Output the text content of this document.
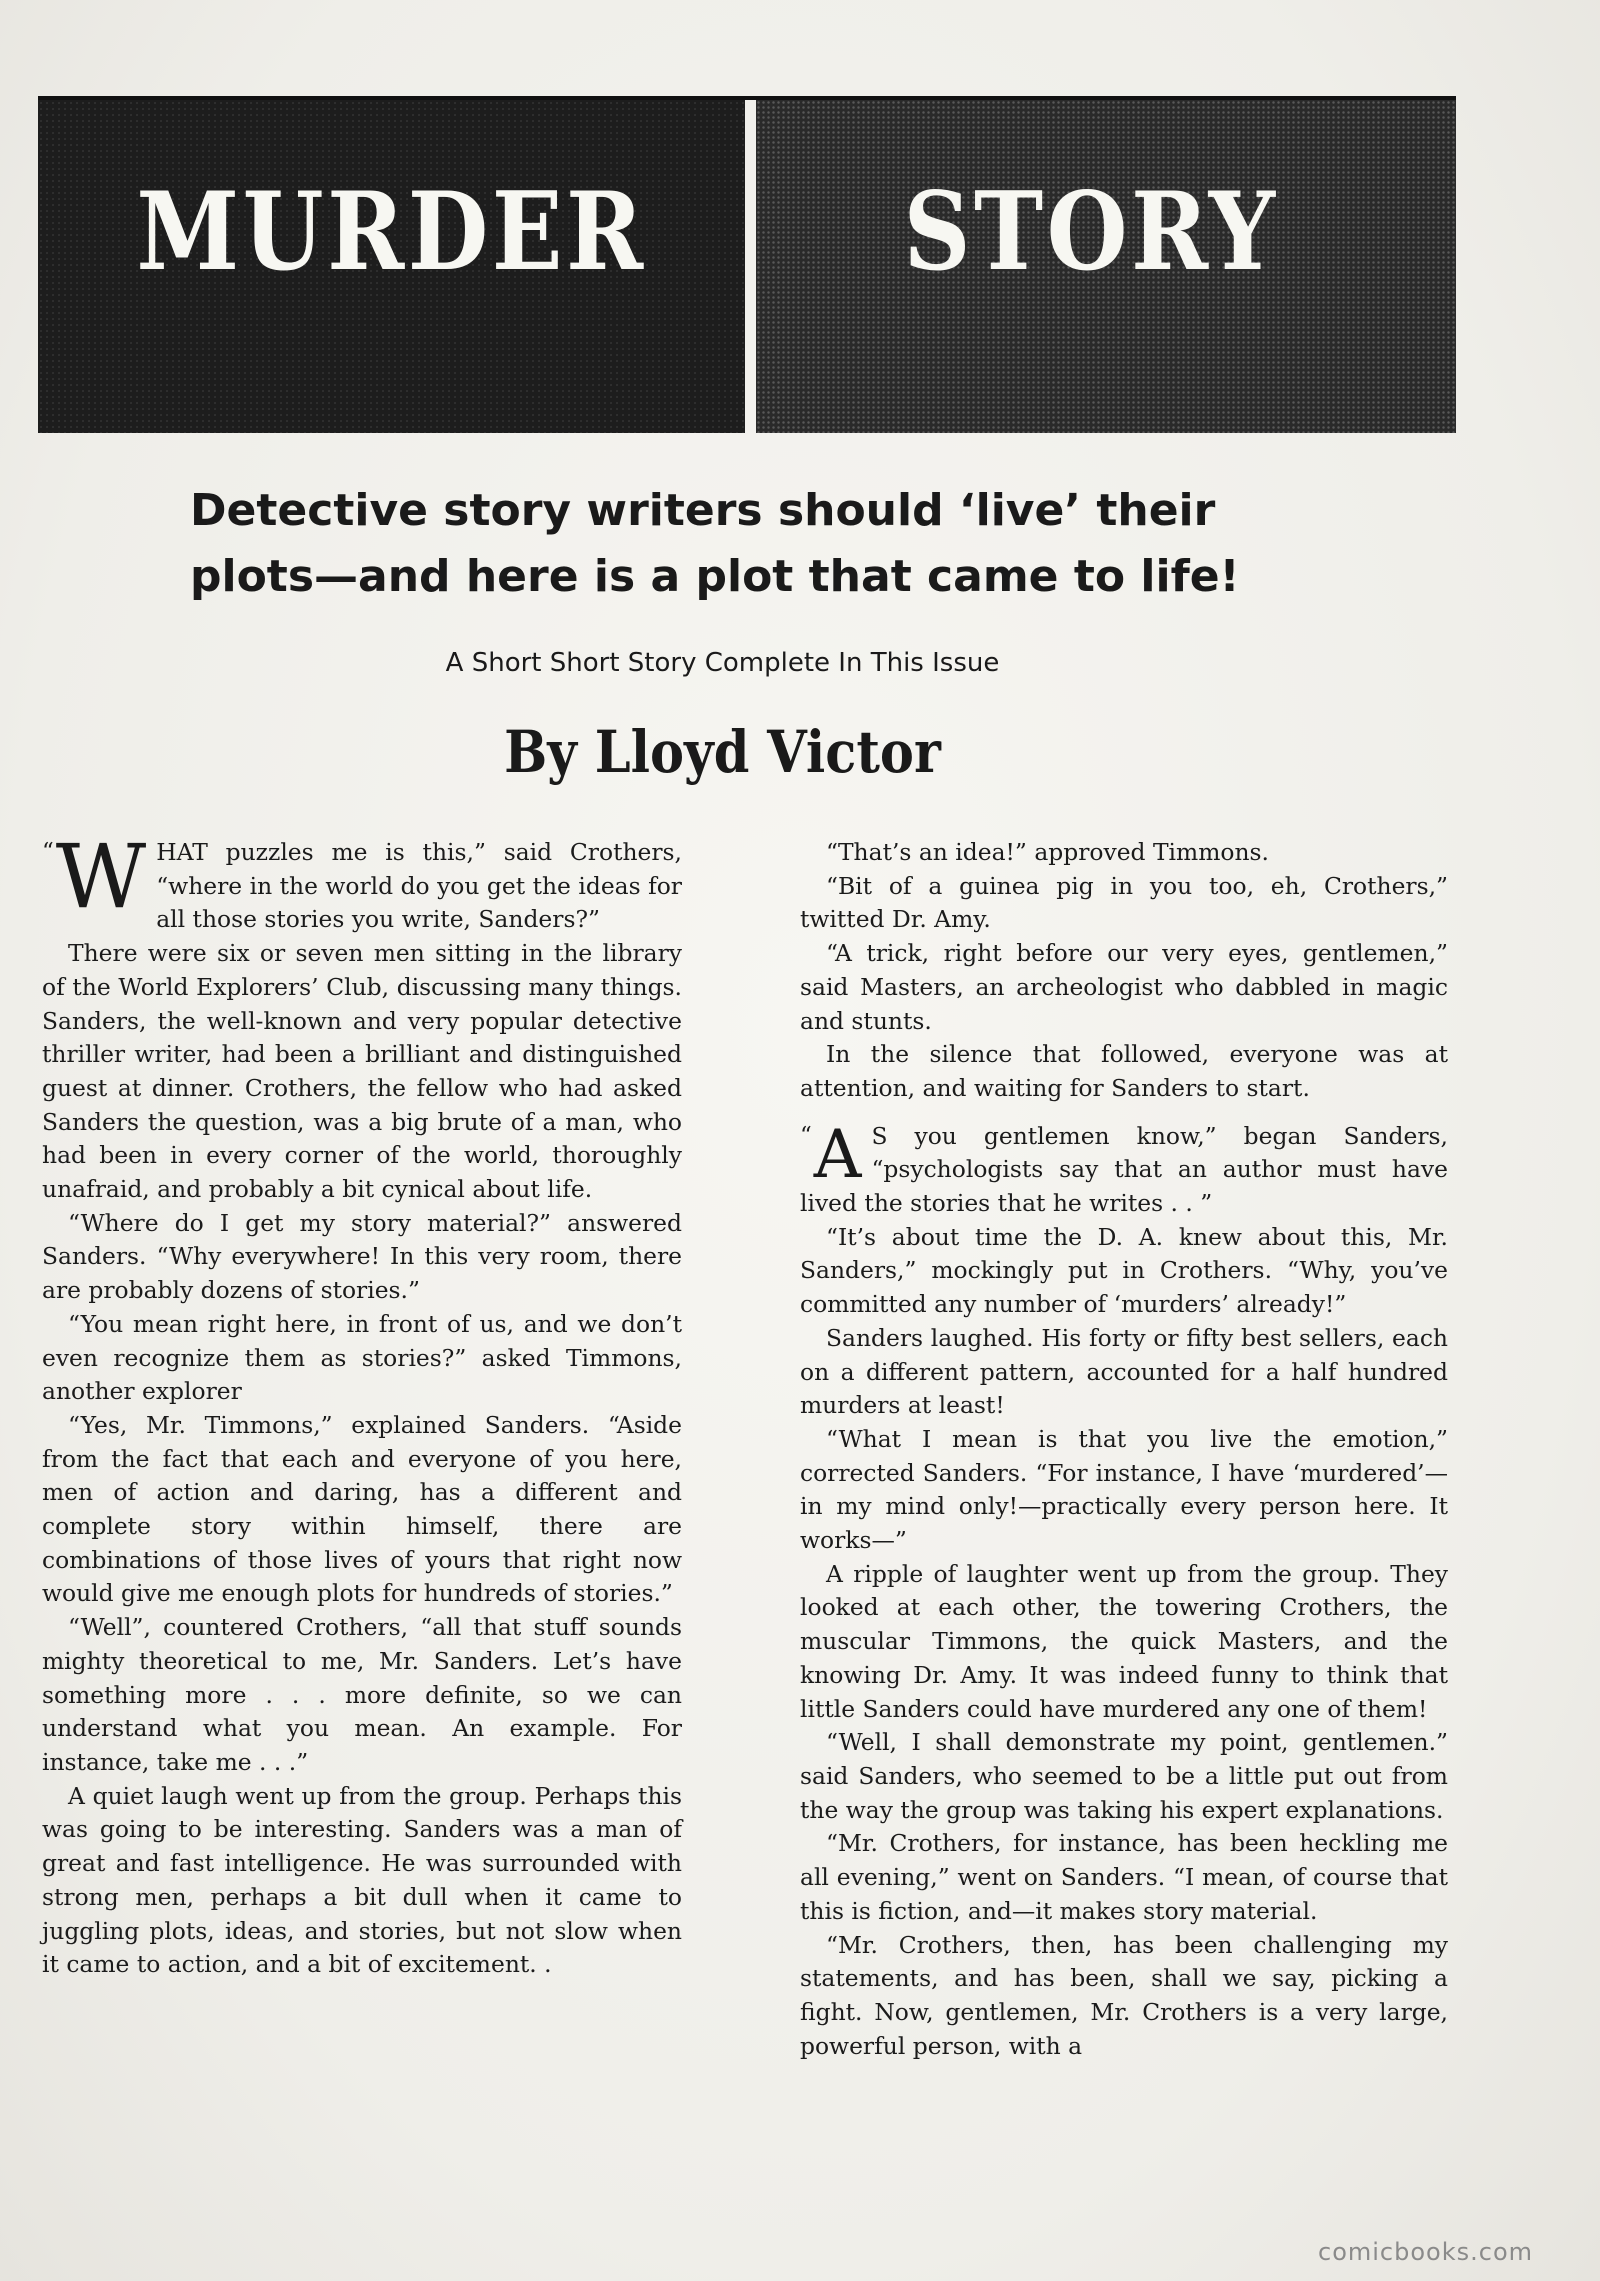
MURDER	STORY
Detective story writers should ‘live’ their
plots—and here is a plot that came to life!
A Short Short Story Complete In This Issue
By Lloyd Victor

“ W HAT puzzles me is this,” said Crothers, “where in the world do you get the ideas for all those stories you write, Sanders?”

There were six or seven men sitting in the library of the World Explorers’ Club, discussing many things. Sanders, the well-known and very popular detective thriller writer, had been a brilliant and distinguished guest at dinner. Crothers, the fellow who had asked Sanders the question, was a big brute of a man, who had been in every corner of the world, thoroughly unafraid, and probably a bit cynical about life.

“Where do I get my story material?” answered Sanders. “Why everywhere! In this very room, there are probably dozens of stories.”

“You mean right here, in front of us, and we don’t even recognize them as stories?” asked Timmons, another explorer

“Yes, Mr. Timmons,” explained Sanders. “Aside from the fact that each and everyone of you here, men of action and daring, has a different and complete story within himself, there are combinations of those lives of yours that right now would give me enough plots for hundreds of stories.”

“Well”, countered Crothers, “all that stuff sounds mighty theoretical to me, Mr. Sanders. Let’s have something more . . . more definite, so we can understand what you mean. An example. For instance, take me . . .”

A quiet laugh went up from the group. Perhaps this was going to be interesting. Sanders was a man of great and fast intelligence. He was surrounded with strong men, perhaps a bit dull when it came to juggling plots, ideas, and stories, but not slow when it came to action, and a bit of excitement. .

“That’s an idea!” approved Timmons.

“Bit of a guinea pig in you too, eh, Crothers,” twitted Dr. Amy.

“A trick, right before our very eyes, gentlemen,” said Masters, an archeologist who dabbled in magic and stunts.

In the silence that followed, everyone was at attention, and waiting for Sanders to start.

“ A S you gentlemen know,” began Sanders, “psychologists say that an author must have lived the stories that he writes . . ”

“It’s about time the D. A. knew about this, Mr. Sanders,” mockingly put in Crothers. “Why, you’ve committed any number of ‘murders’ already!”

Sanders laughed. His forty or fifty best sellers, each on a different pattern, accounted for a half hundred murders at least!

“What I mean is that you live the emotion,” corrected Sanders. “For instance, I have ‘murdered’—in my mind only!—practically every person here. It works—”

A ripple of laughter went up from the group. They looked at each other, the towering Crothers, the muscular Timmons, the quick Masters, and the knowing Dr. Amy. It was indeed funny to think that little Sanders could have murdered any one of them!

“Well, I shall demonstrate my point, gentlemen.” said Sanders, who seemed to be a little put out from the way the group was taking his expert explanations.

“Mr. Crothers, for instance, has been heckling me all evening,” went on Sanders. “I mean, of course that this is fiction, and—it makes story material.

“Mr. Crothers, then, has been challenging my statements, and has been, shall we say, picking a fight. Now, gentlemen, Mr. Crothers is a very large, powerful person, with a

comicbooks.com
